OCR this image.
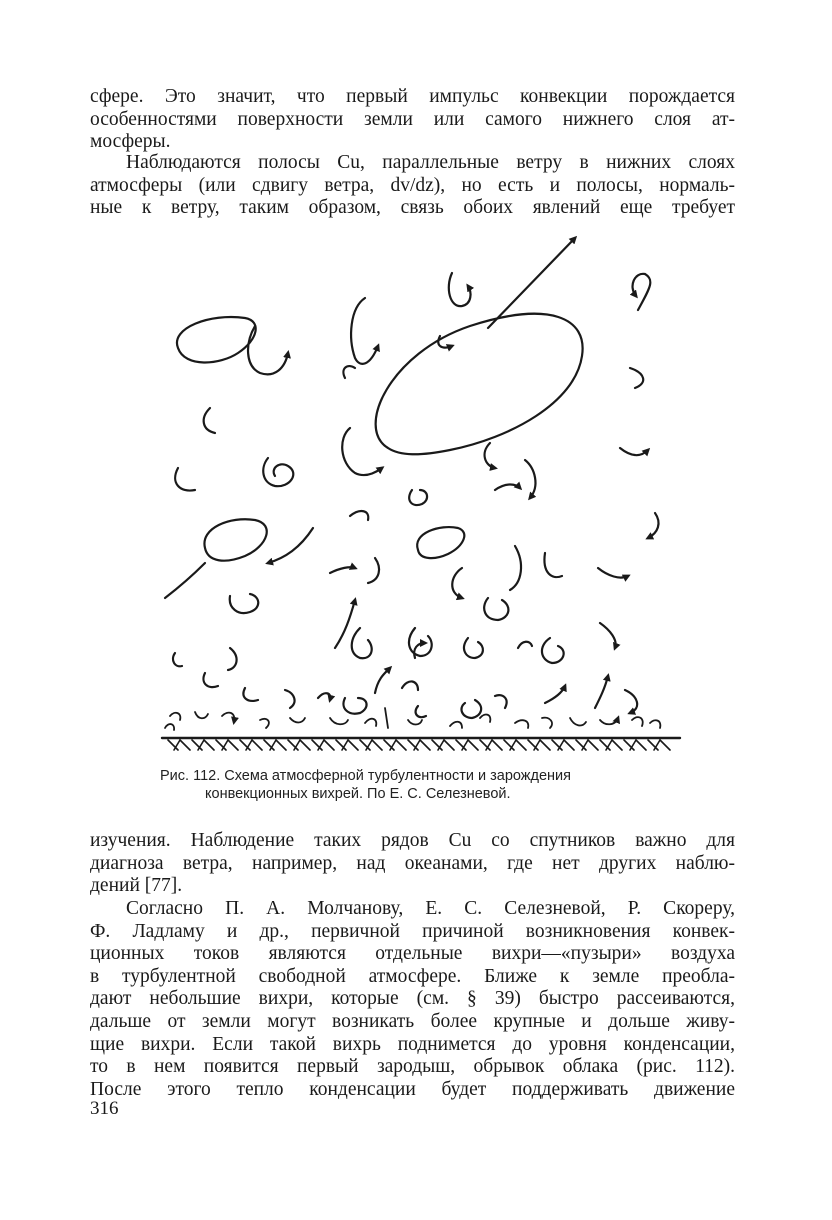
сфере. Это значит, что первый импульс конвекции порождается
особенностями поверхности земли или самого нижнего слоя ат-
мосферы.
Наблюдаются полосы Cu, параллельные ветру в нижних слоях
атмосферы (или сдвигу ветра, dv/dz), но есть и полосы, нормаль-
ные к ветру, таким образом, связь обоих явлений еще требует
Рис. 112. Схема атмосферной турбулентности и зарождения
конвекционных вихрей. По Е. С. Селезневой.
изучения. Наблюдение таких рядов Cu со спутников важно для
диагноза ветра, например, над океанами, где нет других наблю-
дений [77].
Согласно П. А. Молчанову, Е. С. Селезневой, Р. Скореру,
Ф. Ладламу и др., первичной причиной возникновения конвек-
ционных токов являются отдельные вихри—«пузыри» воздуха
в турбулентной свободной атмосфере. Ближе к земле преобла-
дают небольшие вихри, которые (см. § 39) быстро рассеиваются,
дальше от земли могут возникать более крупные и дольше живу-
щие вихри. Если такой вихрь поднимется до уровня конденсации,
то в нем появится первый зародыш, обрывок облака (рис. 112).
После этого тепло конденсации будет поддерживать движение
316
